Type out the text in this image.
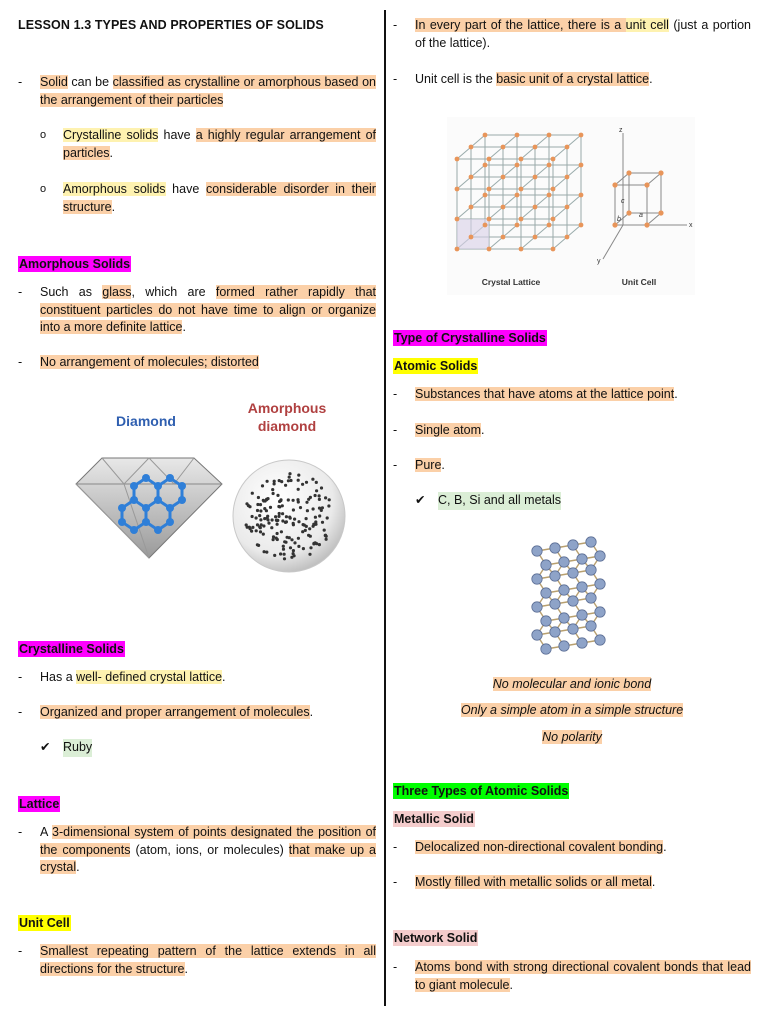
LESSON 1.3 TYPES AND PROPERTIES OF SOLIDS
- Solid can be classified as crystalline or amorphous based on the arrangement of their particles
o Crystalline solids have a highly regular arrangement of particles.
o Amorphous solids have considerable disorder in their structure.
Amorphous Solids
- Such as glass, which are formed rather rapidly that constituent particles do not have time to align or organize into a more definite lattice.
- No arrangement of molecules; distorted
Diamond
Amorphous
diamond
Crystalline Solids
- Has a well- defined crystal lattice.
- Organized and proper arrangement of molecules.
✔ Ruby
Lattice
- A 3-dimensional system of points designated the position of the components (atom, ions, or molecules) that make up a crystal.
Unit Cell
- Smallest repeating pattern of the lattice extends in all directions for the structure.
- In every part of the lattice, there is a unit cell (just a portion of the lattice).
- Unit cell is the basic unit of a crystal lattice.
z
x
y
a
b
c
Crystal Lattice	Unit Cell
Type of Crystalline Solids
Atomic Solids
- Substances that have atoms at the lattice point.
- Single atom.
- Pure.
✔ C, B, Si and all metals
No molecular and ionic bond
Only a simple atom in a simple structure
No polarity
Three Types of Atomic Solids
Metallic Solid
- Delocalized non-directional covalent bonding.
- Mostly filled with metallic solids or all metal.
Network Solid
- Atoms bond with strong directional covalent bonds that lead to giant molecule.
